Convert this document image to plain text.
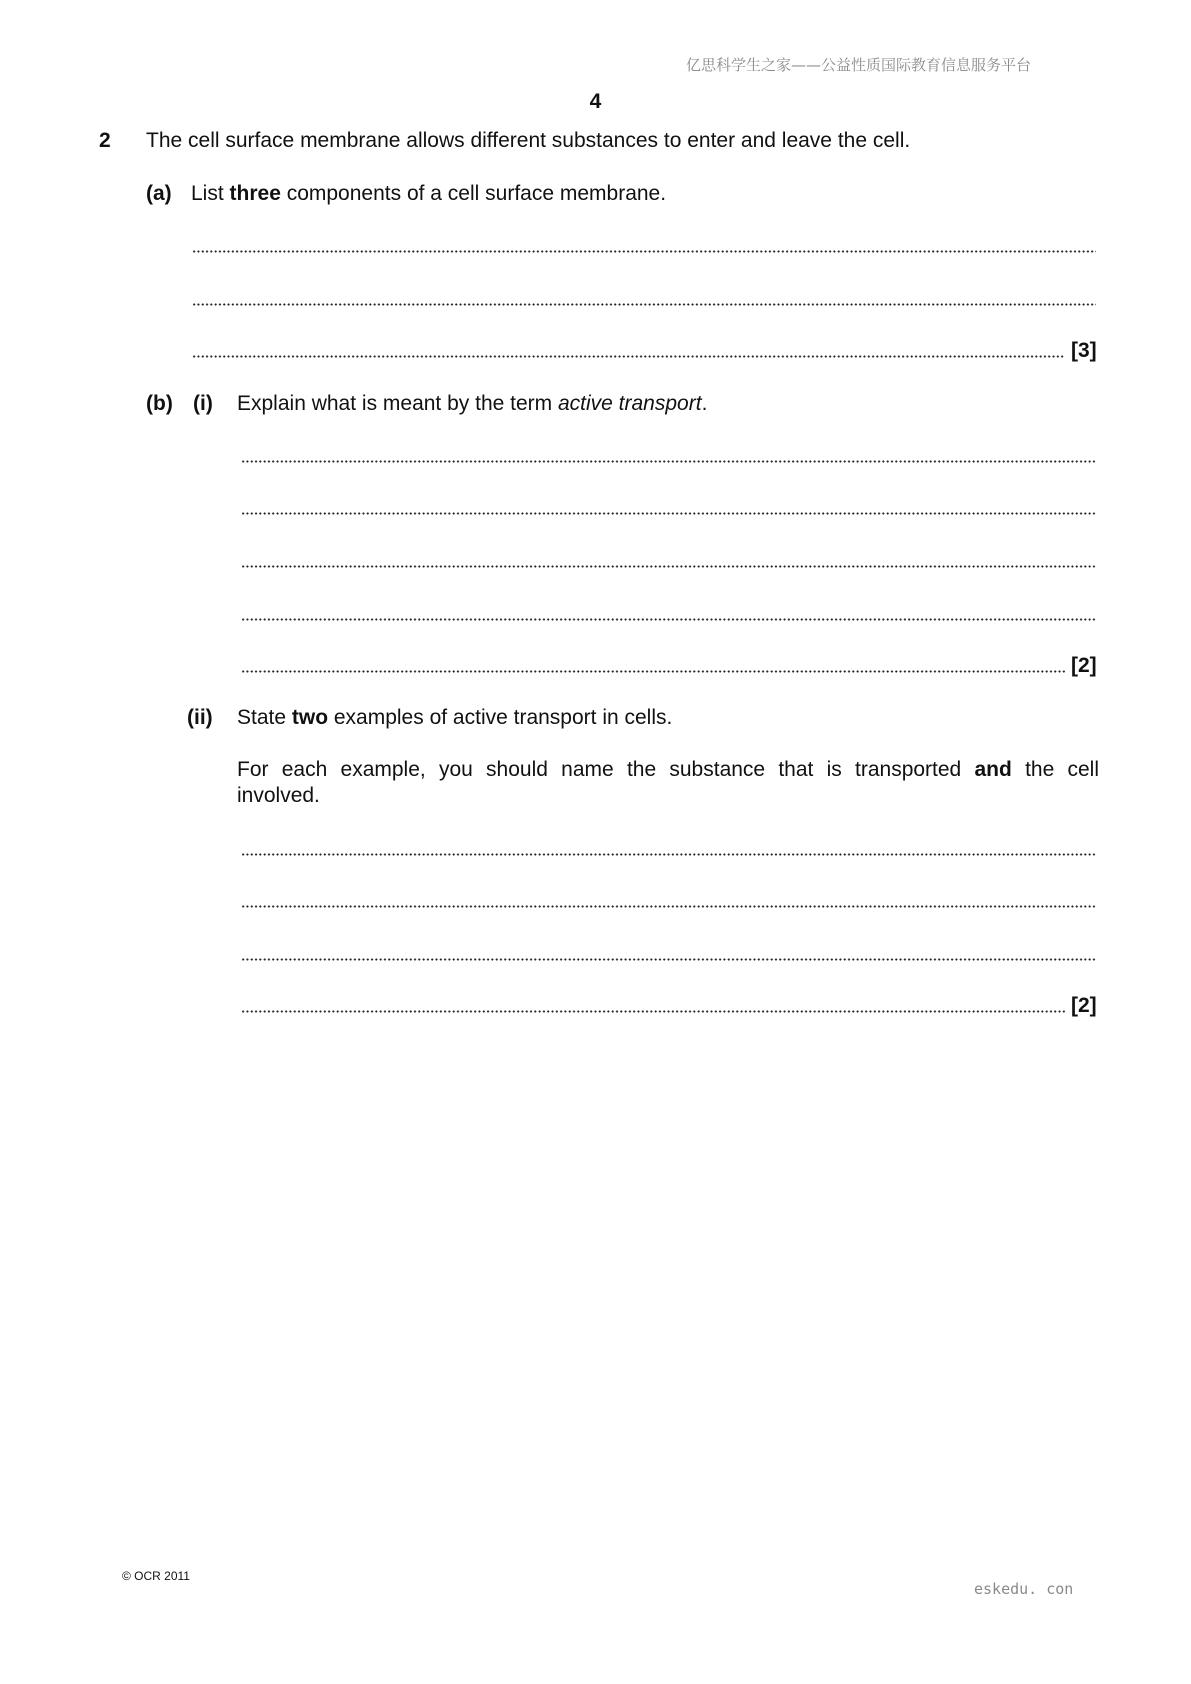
亿思科学生之家——公益性质国际教育信息服务平台
4
2 The cell surface membrane allows different substances to enter and leave the cell.
(a) List three components of a cell surface membrane.
[3]
(b) (i) Explain what is meant by the term active transport.
[2]
(ii) State two examples of active transport in cells.
For each example, you should name the substance that is transported and the cell
involved.
[2]
© OCR 2011
eskedu. con
